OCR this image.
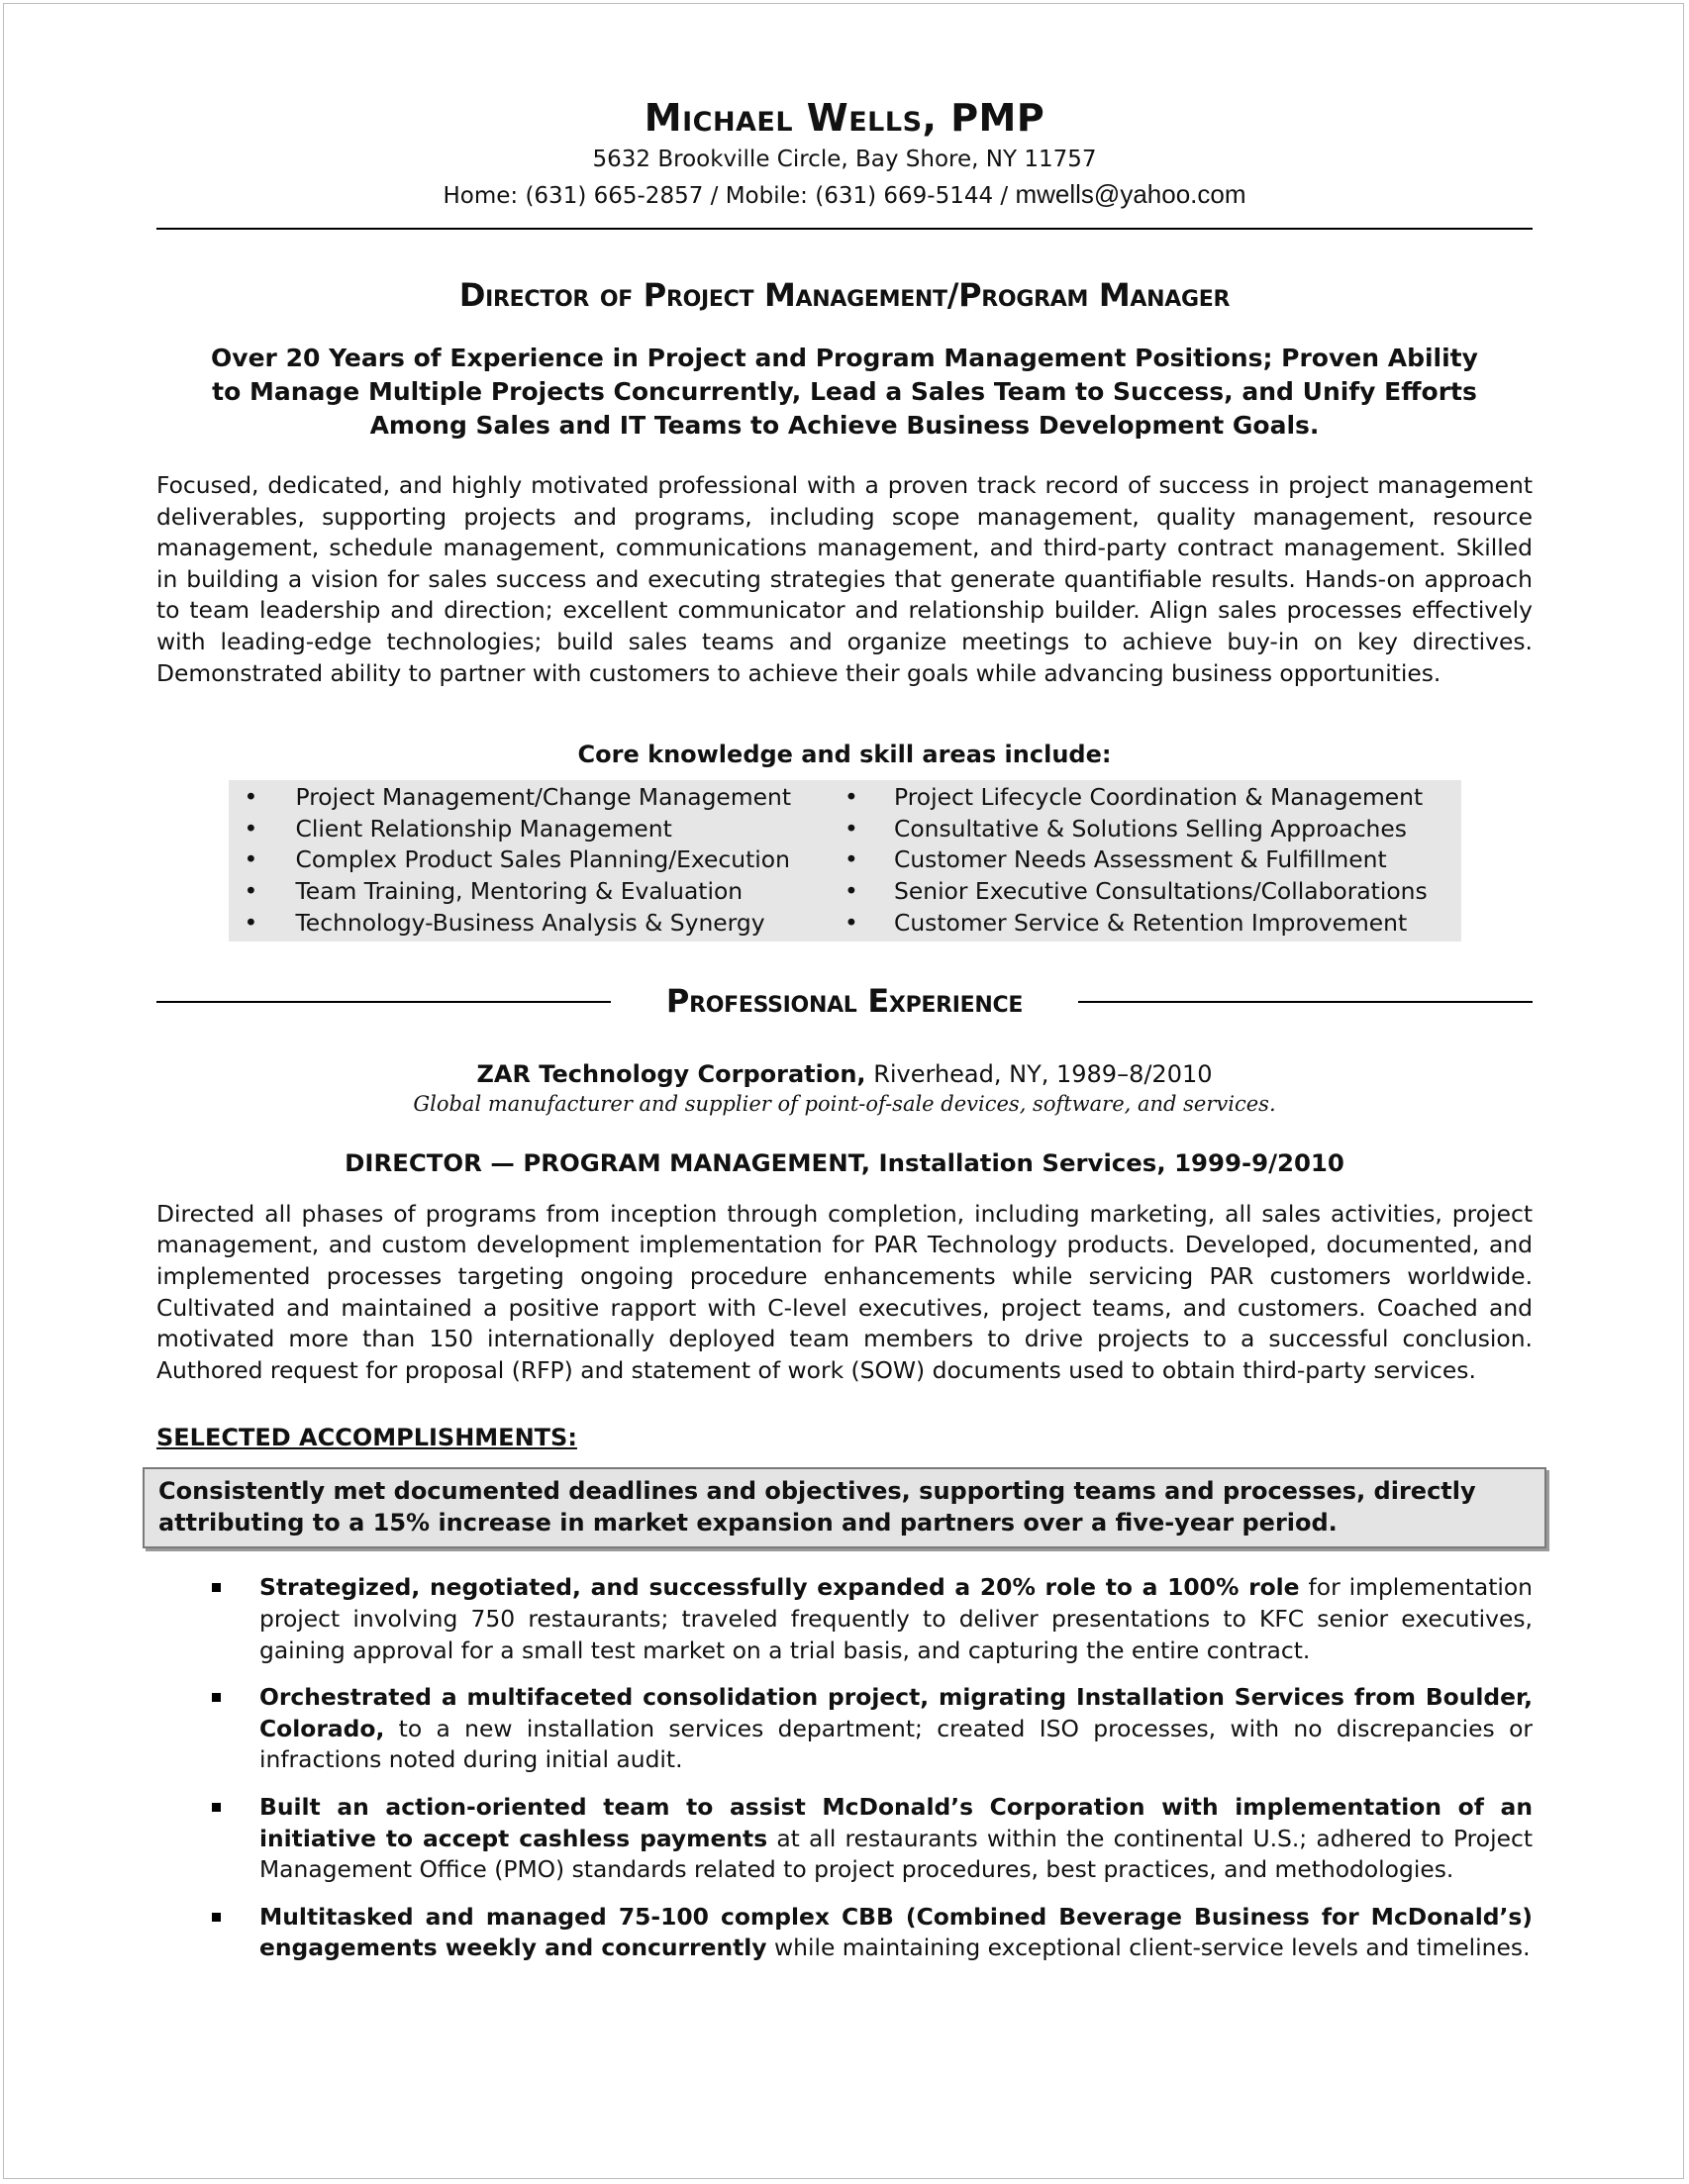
Michael Wells, PMP

5632 Brookville Circle, Bay Shore, NY 11757

Home: (631) 665-2857 / Mobile: (631) 669-5144 / mwells@yahoo.com

Director of Project Management/Program Manager
Over 20 Years of Experience in Project and Program Management Positions; Proven Ability to Manage Multiple Projects Concurrently, Lead a Sales Team to Success, and Unify Efforts Among Sales and IT Teams to Achieve Business Development Goals.

Focused, dedicated, and highly motivated professional with a proven track record of success in project management deliverables, supporting projects and programs, including scope management, quality management, resource management, schedule management, communications management, and third-party contract management. Skilled in building a vision for sales success and executing strategies that generate quantifiable results. Hands-on approach to team leadership and direction; excellent communicator and relationship builder. Align sales processes effectively with leading-edge technologies; build sales teams and organize meetings to achieve buy-in on key directives. Demonstrated ability to partner with customers to achieve their goals while advancing business opportunities.

Core knowledge and skill areas include:
• Project Management/Change Management
• Client Relationship Management
• Complex Product Sales Planning/Execution
• Team Training, Mentoring & Evaluation
• Technology-Business Analysis & Synergy
• Project Lifecycle Coordination & Management
• Consultative & Solutions Selling Approaches
• Customer Needs Assessment & Fulfillment
• Senior Executive Consultations/Collaborations
• Customer Service & Retention Improvement
Professional Experience

ZAR Technology Corporation, Riverhead, NY, 1989–8/2010

Global manufacturer and supplier of point-of-sale devices, software, and services.

DIRECTOR — PROGRAM MANAGEMENT, Installation Services, 1999-9/2010

Directed all phases of programs from inception through completion, including marketing, all sales activities, project management, and custom development implementation for PAR Technology products. Developed, documented, and implemented processes targeting ongoing procedure enhancements while servicing PAR customers worldwide. Cultivated and maintained a positive rapport with C-level executives, project teams, and customers. Coached and motivated more than 150 internationally deployed team members to drive projects to a successful conclusion. Authored request for proposal (RFP) and statement of work (SOW) documents used to obtain third-party services.

SELECTED ACCOMPLISHMENTS:
Consistently met documented deadlines and objectives, supporting teams and processes, directly attributing to a 15% increase in market expansion and partners over a five-year period.
Strategized, negotiated, and successfully expanded a 20% role to a 100% role for implementation project involving 750 restaurants; traveled frequently to deliver presentations to KFC senior executives, gaining approval for a small test market on a trial basis, and capturing the entire contract.
Orchestrated a multifaceted consolidation project, migrating Installation Services from Boulder, Colorado, to a new installation services department; created ISO processes, with no discrepancies or infractions noted during initial audit.
Built an action-oriented team to assist McDonald’s Corporation with implementation of an initiative to accept cashless payments at all restaurants within the continental U.S.; adhered to Project Management Office (PMO) standards related to project procedures, best practices, and methodologies.
Multitasked and managed 75-100 complex CBB (Combined Beverage Business for McDonald’s) engagements weekly and concurrently while maintaining exceptional client-service levels and timelines.
